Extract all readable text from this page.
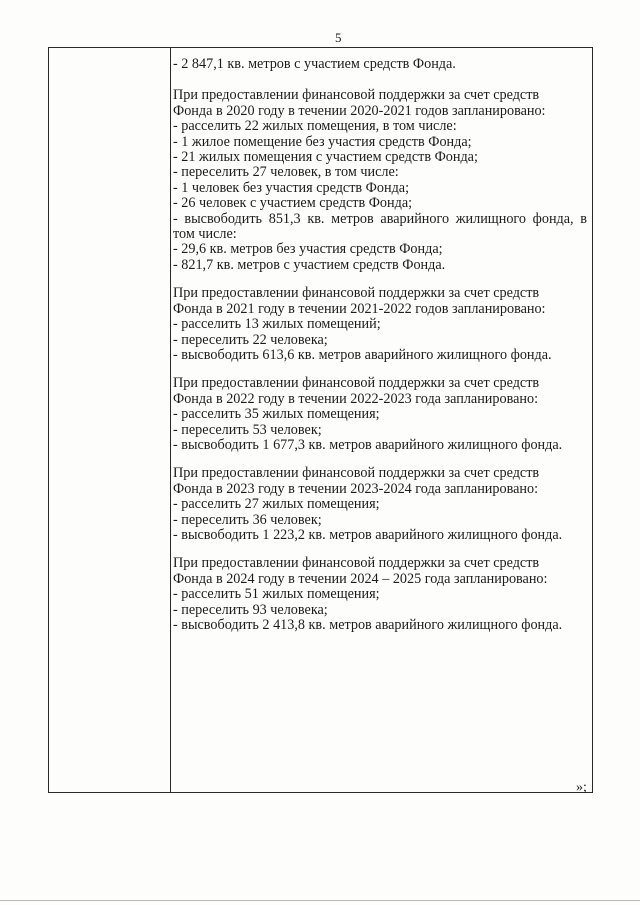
5
- 2 847,1 кв. метров с участием средств Фонда.
При предоставлении финансовой поддержки за счет средств
Фонда в 2020 году в течении 2020-2021 годов запланировано:
- расселить 22 жилых помещения, в том числе:
- 1 жилое помещение без участия средств Фонда;
- 21 жилых помещения с участием средств Фонда;
- переселить 27 человек, в том числе:
- 1 человек без участия средств Фонда;
- 26 человек с участием средств Фонда;
- высвободить 851,3 кв. метров аварийного жилищного фонда, в том числе:
- 29,6 кв. метров без участия средств Фонда;
- 821,7 кв. метров с участием средств Фонда.
При предоставлении финансовой поддержки за счет средств
Фонда в 2021 году в течении 2021-2022 годов запланировано:
- расселить 13 жилых помещений;
- переселить 22 человека;
- высвободить 613,6 кв. метров аварийного жилищного фонда.
При предоставлении финансовой поддержки за счет средств
Фонда в 2022 году в течении 2022-2023 года запланировано:
- расселить 35 жилых помещения;
- переселить 53 человек;
- высвободить 1 677,3 кв. метров аварийного жилищного фонда.
При предоставлении финансовой поддержки за счет средств
Фонда в 2023 году в течении 2023-2024 года запланировано:
- расселить 27 жилых помещения;
- переселить 36 человек;
- высвободить 1 223,2 кв. метров аварийного жилищного фонда.
При предоставлении финансовой поддержки за счет средств
Фонда в 2024 году в течении 2024 – 2025 года запланировано:
- расселить 51 жилых помещения;
- переселить 93 человека;
- высвободить 2 413,8 кв. метров аварийного жилищного фонда.
»;
